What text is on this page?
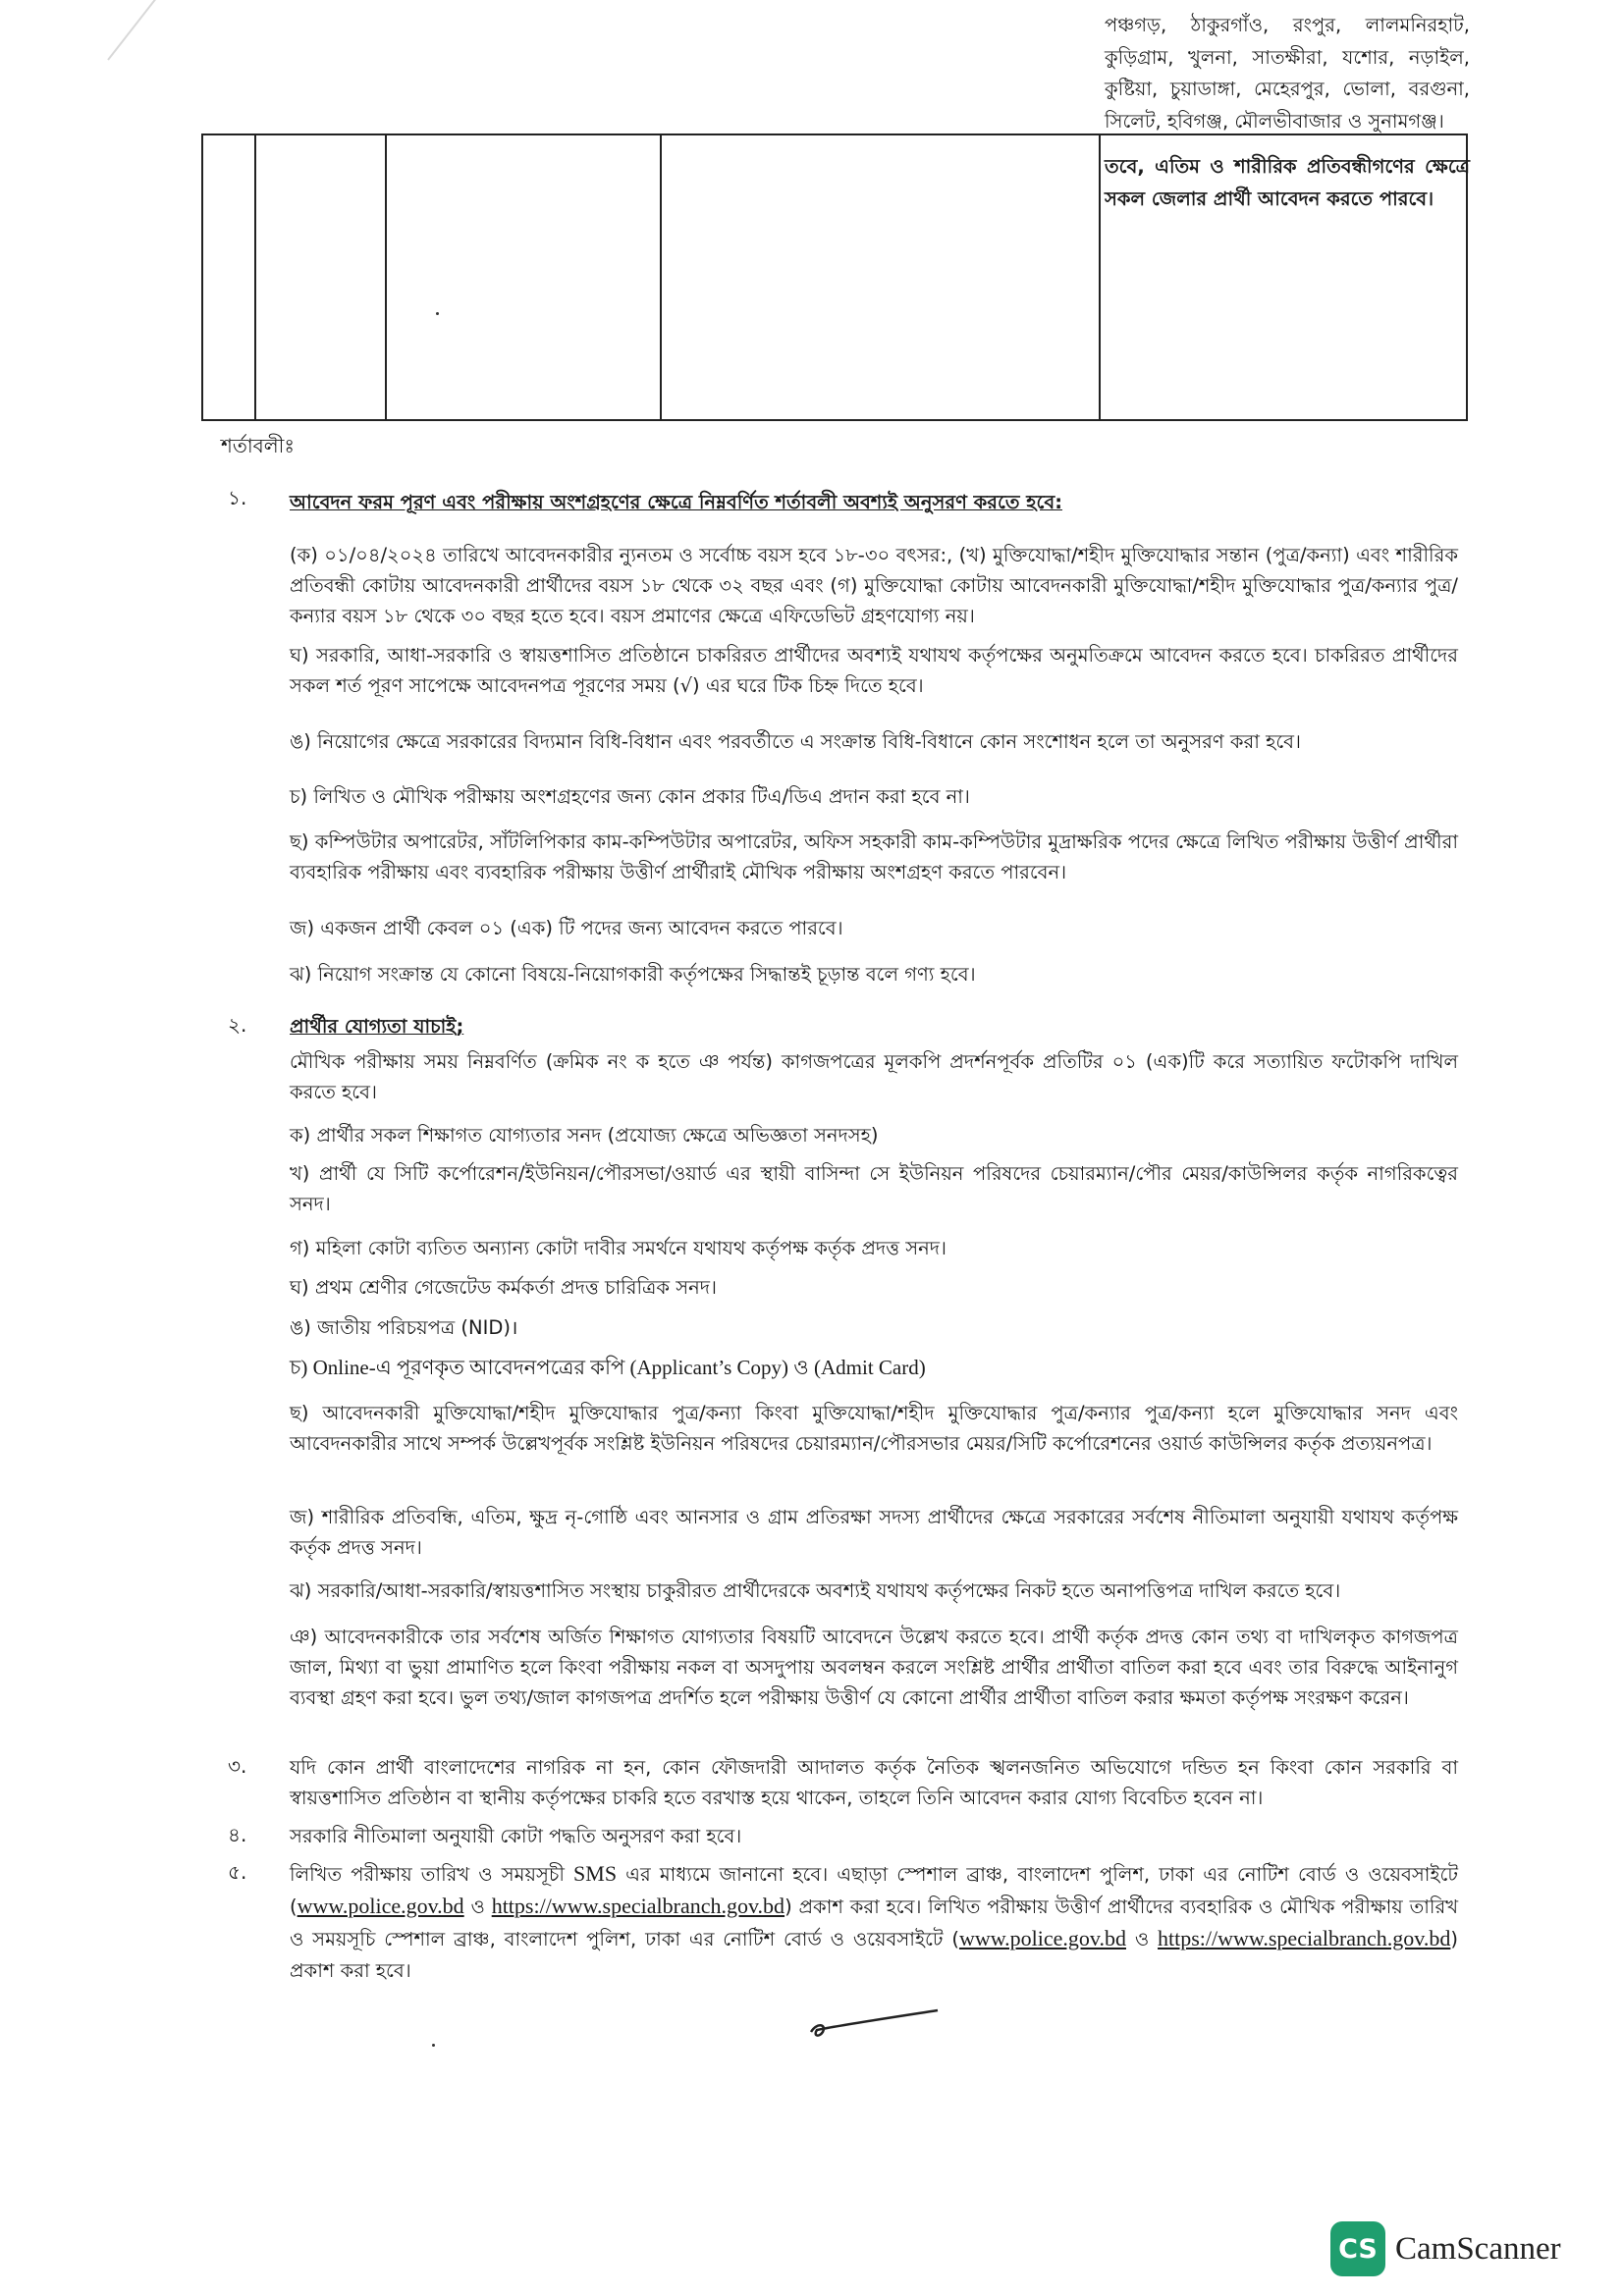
পঞ্চগড়, ঠাকুরগাঁও, রংপুর, লালমনিরহাট, কুড়িগ্রাম, খুলনা, সাতক্ষীরা, যশোর, নড়াইল, কুষ্টিয়া, চুয়াডাঙ্গা, মেহেরপুর, ভোলা, বরগুনা, সিলেট, হবিগঞ্জ, মৌলভীবাজার ও সুনামগঞ্জ।

তবে, এতিম ও শারীরিক প্রতিবন্ধীগণের ক্ষেত্রে সকল জেলার প্রার্থী আবেদন করতে পারবে।

শর্তাবলীঃ
১. আবেদন ফরম পূরণ এবং পরীক্ষায় অংশগ্রহণের ক্ষেত্রে নিম্নবর্ণিত শর্তাবলী অবশ্যই অনুসরণ করতে হবে:

(ক) ০১/০৪/২০২৪ তারিখে আবেদনকারীর ন্যুনতম ও সর্বোচ্চ বয়স হবে ১৮-৩০ বৎসর:, (খ) মুক্তিযোদ্ধা/শহীদ মুক্তিযোদ্ধার সন্তান (পুত্র/কন্যা) এবং শারীরিক প্রতিবন্ধী কোটায় আবেদনকারী প্রার্থীদের বয়স ১৮ থেকে ৩২ বছর এবং (গ) মুক্তিযোদ্ধা কোটায় আবেদনকারী মুক্তিযোদ্ধা/শহীদ মুক্তিযোদ্ধার পুত্র/কন্যার পুত্র/কন্যার বয়স ১৮ থেকে ৩০ বছর হতে হবে। বয়স প্রমাণের ক্ষেত্রে এফিডেভিট গ্রহণযোগ্য নয়।

ঘ) সরকারি, আধা-সরকারি ও স্বায়ত্তশাসিত প্রতিষ্ঠানে চাকরিরত প্রার্থীদের অবশ্যই যথাযথ কর্তৃপক্ষের অনুমতিক্রমে আবেদন করতে হবে। চাকরিরত প্রার্থীদের সকল শর্ত পূরণ সাপেক্ষে আবেদনপত্র পূরণের সময় (√) এর ঘরে টিক চিহ্ন দিতে হবে।

ঙ) নিয়োগের ক্ষেত্রে সরকারের বিদ্যমান বিধি-বিধান এবং পরবর্তীতে এ সংক্রান্ত বিধি-বিধানে কোন সংশোধন হলে তা অনুসরণ করা হবে।

চ) লিখিত ও মৌখিক পরীক্ষায় অংশগ্রহণের জন্য কোন প্রকার টিএ/ডিএ প্রদান করা হবে না।

ছ) কম্পিউটার অপারেটর, সাঁটলিপিকার কাম-কম্পিউটার অপারেটর, অফিস সহকারী কাম-কম্পিউটার মুদ্রাক্ষরিক পদের ক্ষেত্রে লিখিত পরীক্ষায় উত্তীর্ণ প্রার্থীরা ব্যবহারিক পরীক্ষায় এবং ব্যবহারিক পরীক্ষায় উত্তীর্ণ প্রার্থীরাই মৌখিক পরীক্ষায় অংশগ্রহণ করতে পারবেন।

জ) একজন প্রার্থী কেবল ০১ (এক) টি পদের জন্য আবেদন করতে পারবে।

ঝ) নিয়োগ সংক্রান্ত যে কোনো বিষয়ে-নিয়োগকারী কর্তৃপক্ষের সিদ্ধান্তই চূড়ান্ত বলে গণ্য হবে।

২. প্রার্থীর যোগ্যতা যাচাই;

মৌখিক পরীক্ষায় সময় নিম্নবর্ণিত (ক্রমিক নং ক হতে ঞ পর্যন্ত) কাগজপত্রের মূলকপি প্রদর্শনপূর্বক প্রতিটির ০১ (এক)টি করে সত্যায়িত ফটোকপি দাখিল করতে হবে।

ক) প্রার্থীর সকল শিক্ষাগত যোগ্যতার সনদ (প্রযোজ্য ক্ষেত্রে অভিজ্ঞতা সনদসহ)

খ) প্রার্থী যে সিটি কর্পোরেশন/ইউনিয়ন/পৌরসভা/ওয়ার্ড এর স্থায়ী বাসিন্দা সে ইউনিয়ন পরিষদের চেয়ারম্যান/পৌর মেয়র/কাউন্সিলর কর্তৃক নাগরিকত্বের সনদ।

গ) মহিলা কোটা ব্যতিত অন্যান্য কোটা দাবীর সমর্থনে যথাযথ কর্তৃপক্ষ কর্তৃক প্রদত্ত সনদ।

ঘ) প্রথম শ্রেণীর গেজেটেড কর্মকর্তা প্রদত্ত চারিত্রিক সনদ।

ঙ) জাতীয় পরিচয়পত্র (NID)।

চ) Online-এ পূরণকৃত আবেদনপত্রের কপি (Applicant’s Copy) ও (Admit Card)

ছ) আবেদনকারী মুক্তিযোদ্ধা/শহীদ মুক্তিযোদ্ধার পুত্র/কন্যা কিংবা মুক্তিযোদ্ধা/শহীদ মুক্তিযোদ্ধার পুত্র/কন্যার পুত্র/কন্যা হলে মুক্তিযোদ্ধার সনদ এবং আবেদনকারীর সাথে সম্পর্ক উল্লেখপূর্বক সংশ্লিষ্ট ইউনিয়ন পরিষদের চেয়ারম্যান/পৌরসভার মেয়র/সিটি কর্পোরেশনের ওয়ার্ড কাউন্সিলর কর্তৃক প্রত্যয়নপত্র।

জ) শারীরিক প্রতিবন্ধি, এতিম, ক্ষুদ্র নৃ-গোষ্ঠি এবং আনসার ও গ্রাম প্রতিরক্ষা সদস্য প্রার্থীদের ক্ষেত্রে সরকারের সর্বশেষ নীতিমালা অনুযায়ী যথাযথ কর্তৃপক্ষ কর্তৃক প্রদত্ত সনদ।

ঝ) সরকারি/আধা-সরকারি/স্বায়ত্তশাসিত সংস্থায় চাকুরীরত প্রার্থীদেরকে অবশ্যই যথাযথ কর্তৃপক্ষের নিকট হতে অনাপত্তিপত্র দাখিল করতে হবে।

ঞ) আবেদনকারীকে তার সর্বশেষ অর্জিত শিক্ষাগত যোগ্যতার বিষয়টি আবেদনে উল্লেখ করতে হবে। প্রার্থী কর্তৃক প্রদত্ত কোন তথ্য বা দাখিলকৃত কাগজপত্র জাল, মিথ্যা বা ভুয়া প্রামাণিত হলে কিংবা পরীক্ষায় নকল বা অসদুপায় অবলম্বন করলে সংশ্লিষ্ট প্রার্থীর প্রার্থীতা বাতিল করা হবে এবং তার বিরুদ্ধে আইনানুগ ব্যবস্থা গ্রহণ করা হবে। ভুল তথ্য/জাল কাগজপত্র প্রদর্শিত হলে পরীক্ষায় উত্তীর্ণ যে কোনো প্রার্থীর প্রার্থীতা বাতিল করার ক্ষমতা কর্তৃপক্ষ সংরক্ষণ করেন।

৩. যদি কোন প্রার্থী বাংলাদেশের নাগরিক না হন, কোন ফৌজদারী আদালত কর্তৃক নৈতিক স্খলনজনিত অভিযোগে দন্ডিত হন কিংবা কোন সরকারি বা স্বায়ত্তশাসিত প্রতিষ্ঠান বা স্থানীয় কর্তৃপক্ষের চাকরি হতে বরখাস্ত হয়ে থাকেন, তাহলে তিনি আবেদন করার যোগ্য বিবেচিত হবেন না।

৪. সরকারি নীতিমালা অনুযায়ী কোটা পদ্ধতি অনুসরণ করা হবে।

৫. লিখিত পরীক্ষায় তারিখ ও সময়সূচী SMS এর মাধ্যমে জানানো হবে। এছাড়া স্পেশাল ব্রাঞ্চ, বাংলাদেশ পুলিশ, ঢাকা এর নোটিশ বোর্ড ও ওয়েবসাইটে (www.police.gov.bd ও https://www.specialbranch.gov.bd) প্রকাশ করা হবে। লিখিত পরীক্ষায় উত্তীর্ণ প্রার্থীদের ব্যবহারিক ও মৌখিক পরীক্ষায় তারিখ ও সময়সূচি স্পেশাল ব্রাঞ্চ, বাংলাদেশ পুলিশ, ঢাকা এর নোটিশ বোর্ড ও ওয়েবসাইটে (www.police.gov.bd ও https://www.specialbranch.gov.bd) প্রকাশ করা হবে।

CS CamScanner
